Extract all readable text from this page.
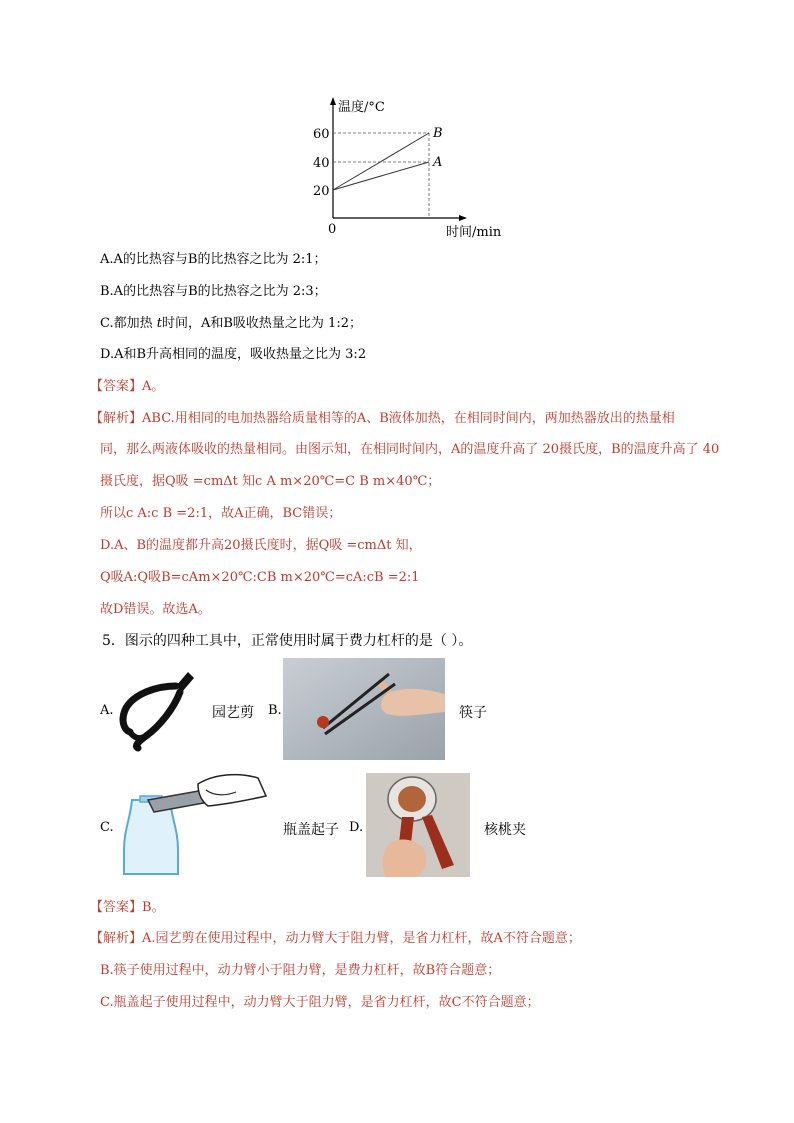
温度/°C
60
40
20
0
B
A
时间/min
A.A的比热容与B的比热容之比为 2:1；
B.A的比热容与B的比热容之比为 2:3；
C.都加热 t时间，A和B吸收热量之比为 1:2；
D.A和B升高相同的温度，吸收热量之比为 3:2
【答案】A。
【解析】ABC.用相同的电加热器给质量相等的A、B液体加热，在相同时间内，两加热器放出的热量相
同，那么两液体吸收的热量相同。由图示知，在相同时间内，A的温度升高了 20摄氏度，B的温度升高了 40
摄氏度，据Q吸 =cmΔt 知c A m×20℃=C B m×40℃；
所以c A:c B =2:1，故A正确，BC错误；
D.A、B的温度都升高20摄氏度时，据Q吸 =cmΔt 知，
Q吸A:Q吸B=cAm×20℃:CB m×20℃=cA:cB =2:1
故D错误。故选A。
5．图示的四种工具中，正常使用时属于费力杠杆的是（ ）。
A.	园艺剪 B.	筷子
C.	瓶盖起子 D.	核桃夹
【答案】B。
【解析】A.园艺剪在使用过程中，动力臂大于阻力臂，是省力杠杆，故A不符合题意；
B.筷子使用过程中，动力臂小于阻力臂，是费力杠杆，故B符合题意；
C.瓶盖起子使用过程中，动力臂大于阻力臂，是省力杠杆，故C不符合题意；
